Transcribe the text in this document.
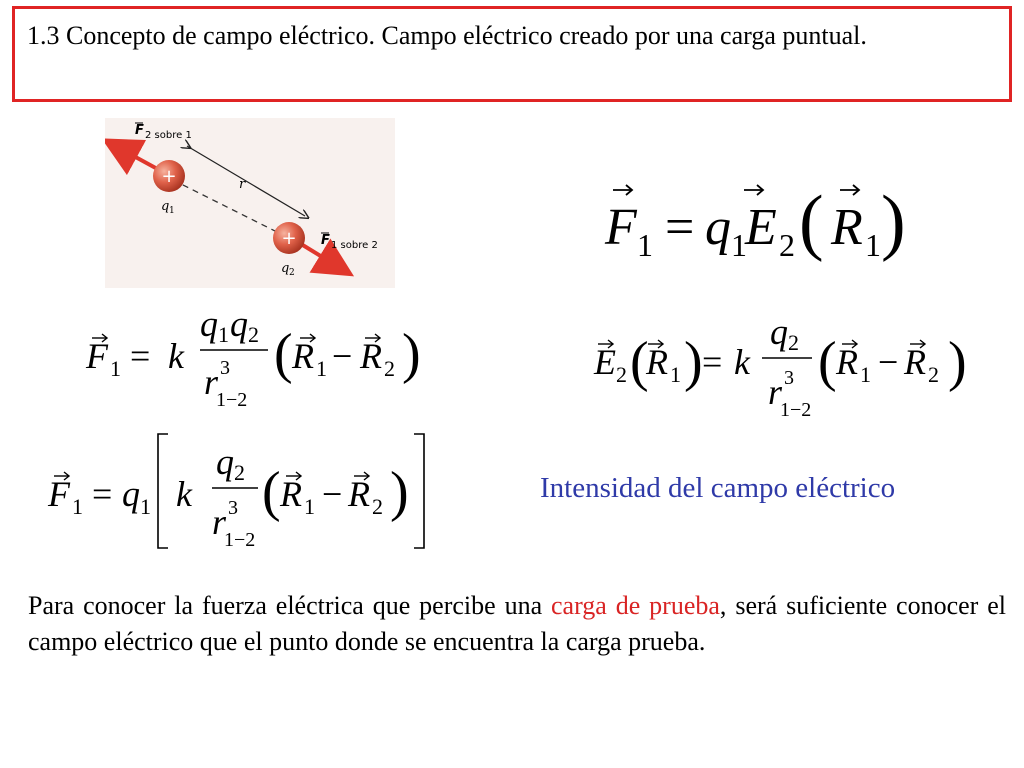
1.3 Concepto de campo eléctrico. Campo eléctrico creado por una carga puntual.
+
+
F 2 sobre 1
r
q 1
q 2
F 1 sobre 2	F 1 = q 1
E 2 ( R 1 )
F 1 = k
q 1 q 2
3
r
1−2
( R 1 − R 2 )	E 2 (
R 1 ) = k
q 2
3
r
1−2
( R 1 − R 2 )
F 1 = q 1 k
q 2
3
r
1−2
( R 1 − R 2 )	Intensidad del campo eléctrico
Para conocer la fuerza eléctrica que percibe una carga de prueba, será suficiente conocer el campo eléctrico que el punto donde se encuentra la carga prueba.
